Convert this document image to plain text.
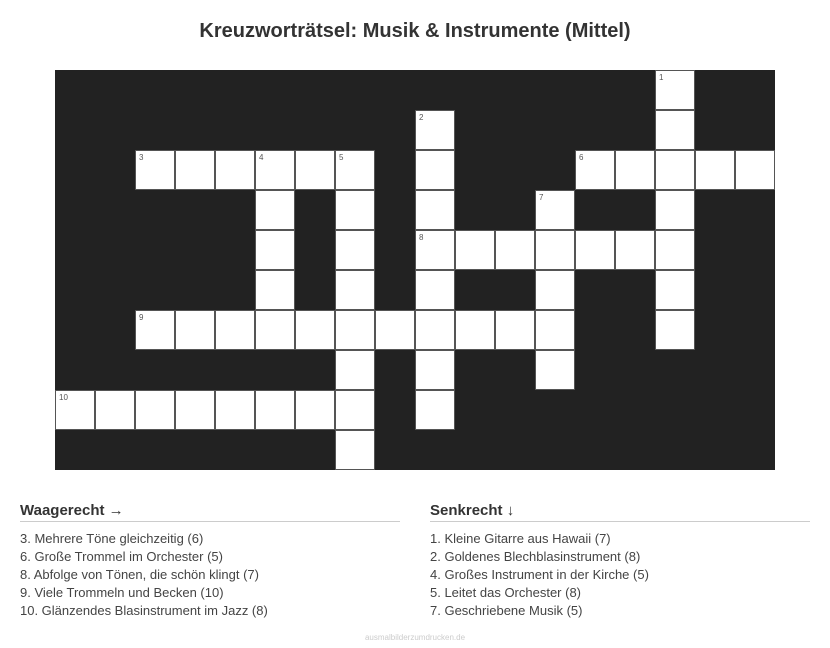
Kreuzworträtsel: Musik & Instrumente (Mittel)
1
2
8
3	4	5	6
7
9
10
Waagerecht →
3. Mehrere Töne gleichzeitig (6)
6. Große Trommel im Orchester (5)
8. Abfolge von Tönen, die schön klingt (7)
9. Viele Trommeln und Becken (10)
10. Glänzendes Blasinstrument im Jazz (8)
Senkrecht ↓
1. Kleine Gitarre aus Hawaii (7)
2. Goldenes Blechblasinstrument (8)
4. Großes Instrument in der Kirche (5)
5. Leitet das Orchester (8)
7. Geschriebene Musik (5)
ausmalbilderzumdrucken.de
